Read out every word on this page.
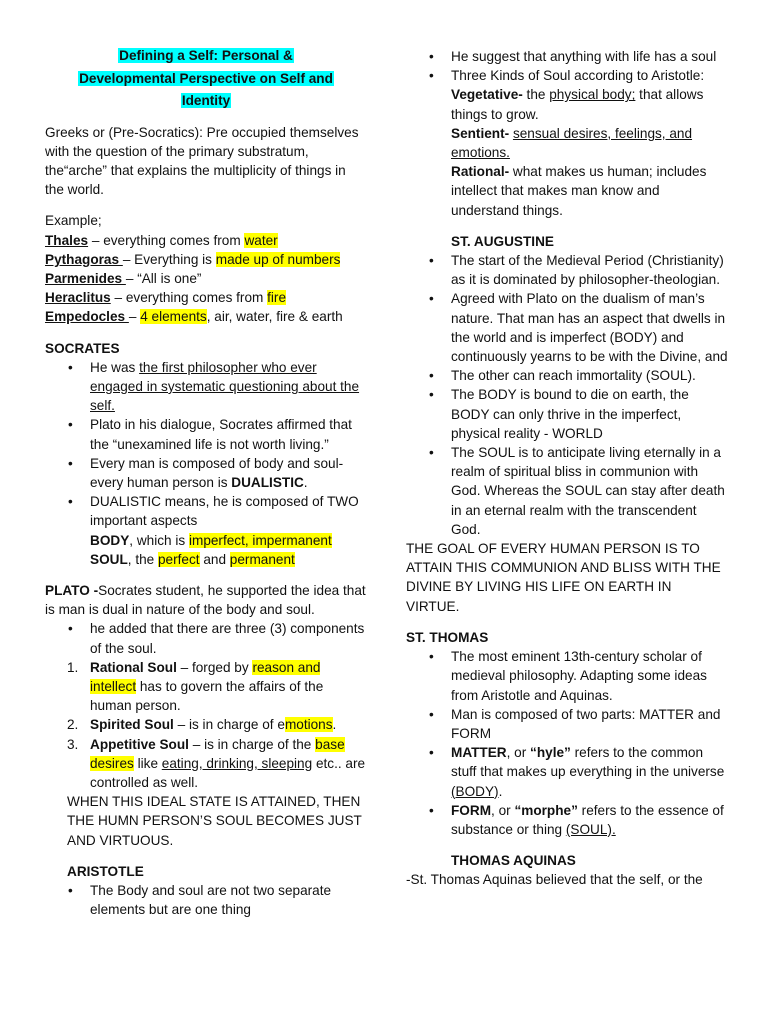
Defining a Self: Personal &
Developmental Perspective on Self and
Identity

Greeks or (Pre-Socratics): Pre occupied themselves with the question of the primary substratum, the“arche” that explains the multiplicity of things in the world.

Example;

Thales – everything comes from water

Pythagoras – Everything is made up of numbers

Parmenides – “All is one”

Heraclitus – everything comes from fire

Empedocles – 4 elements, air, water, fire & earth

SOCRATES

• He was the first philosopher who ever engaged in systematic questioning about the self.
• Plato in his dialogue, Socrates affirmed that the “unexamined life is not worth living.”
• Every man is composed of body and soul- every human person is DUALISTIC.
• DUALISTIC means, he is composed of TWO important aspects
BODY, which is imperfect, impermanent
SOUL, the perfect and permanent

PLATO -Socrates student, he supported the idea that is man is dual in nature of the body and soul.

• he added that there are three (3) components of the soul.
1. Rational Soul – forged by reason and intellect has to govern the affairs of the human person.
2. Spirited Soul – is in charge of emotions.
3. Appetitive Soul – is in charge of the base desires like eating, drinking, sleeping etc.. are controlled as well.

WHEN THIS IDEAL STATE IS ATTAINED, THEN THE HUMN PERSON’S SOUL BECOMES JUST AND VIRTUOUS.

ARISTOTLE

• The Body and soul are not two separate elements but are one thing
• He suggest that anything with life has a soul
• Three Kinds of Soul according to Aristotle:
Vegetative- the physical body; that allows things to grow.
Sentient- sensual desires, feelings, and emotions.
Rational- what makes us human; includes intellect that makes man know and understand things.

ST. AUGUSTINE

• The start of the Medieval Period (Christianity) as it is dominated by philosopher-theologian.
• Agreed with Plato on the dualism of man’s nature. That man has an aspect that dwells in the world and is imperfect (BODY) and continuously yearns to be with the Divine, and
• The other can reach immortality (SOUL).
• The BODY is bound to die on earth, the BODY can only thrive in the imperfect, physical reality - WORLD
• The SOUL is to anticipate living eternally in a realm of spiritual bliss in communion with God. Whereas the SOUL can stay after death in an eternal realm with the transcendent God.

THE GOAL OF EVERY HUMAN PERSON IS TO ATTAIN THIS COMMUNION AND BLISS WITH THE DIVINE BY LIVING HIS LIFE ON EARTH IN VIRTUE.

ST. THOMAS

• The most eminent 13th-century scholar of medieval philosophy. Adapting some ideas from Aristotle and Aquinas.
• Man is composed of two parts: MATTER and FORM
• MATTER, or “hyle” refers to the common stuff that makes up everything in the universe (BODY).
• FORM, or “morphe” refers to the essence of substance or thing (SOUL).

THOMAS AQUINAS

-St. Thomas Aquinas believed that the self, or the
